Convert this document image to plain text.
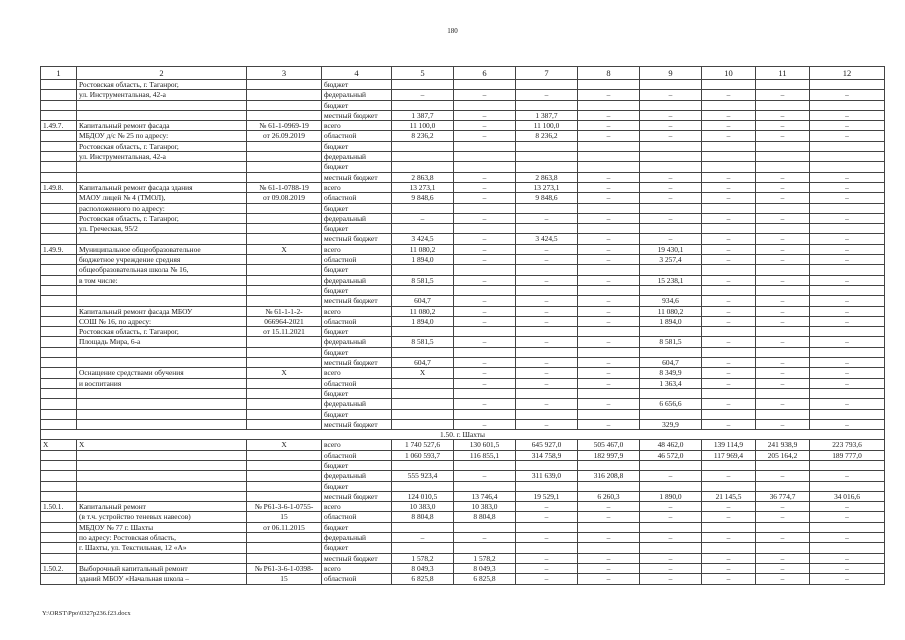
180
1	2	3	4	5	6	7	8	9	10	11	12
	Ростовская область, г. Таганрог,		бюджет								
	ул. Инструментальная, 42-а		федеральный	–	–	–	–	–	–	–	–
			бюджет								
			местный бюджет	1 387,7	–	1 387,7	–	–	–	–	–
1.49.7.	Капитальный ремонт фасада	№ 61-1-0969-19	всего	11 100,0	–	11 100,0	–	–	–	–	–
	МБДОУ д/с № 25 по адресу:	от 26.09.2019	областной	8 236,2	–	8 236,2	–	–	–	–	–
	Ростовская область, г. Таганрог,		бюджет								
	ул. Инструментальная, 42-а		федеральный								
			бюджет								
			местный бюджет	2 863,8	–	2 863,8	–	–	–	–	–
1.49.8.	Капитальный ремонт фасада здания	№ 61-1-0788-19	всего	13 273,1	–	13 273,1	–	–	–	–	–
	МАОУ лицей № 4 (ТМОЛ),	от 09.08.2019	областной	9 848,6	–	9 848,6	–	–	–	–	–
	расположенного по адресу:		бюджет								
	Ростовская область, г. Таганрог,		федеральный	–	–	–	–	–	–	–	–
	ул. Греческая, 95/2		бюджет								
			местный бюджет	3 424,5	–	3 424,5	–	–	–	–	–
1.49.9.	Муниципальное общеобразовательное	Х	всего	11 080,2	–	–	–	19 430,1	–	–	–
	бюджетное учреждение средняя		областной	1 894,0	–	–	–	3 257,4	–	–	–
	общеобразовательная школа № 16,		бюджет								
	в том числе:		федеральный	8 581,5	–	–	–	15 238,1	–	–	–
			бюджет								
			местный бюджет	604,7	–	–	–	934,6	–	–	–
	Капитальный ремонт фасада МБОУ	№ 61-1-1-2-	всего	11 080,2	–	–	–	11 080,2	–	–	–
	СОШ № 16, по адресу:	066964-2021	областной	1 894,0	–	–	–	1 894,0	–	–	–
	Ростовская область, г. Таганрог,	от 15.11.2021	бюджет								
	Площадь Мира, 6-а		федеральный	8 581,5	–	–	–	8 581,5	–	–	–
			бюджет								
			местный бюджет	604,7	–	–	–	604,7	–	–	–
	Оснащение средствами обучения	Х	всего	Х	–	–	–	8 349,9	–	–	–
	и воспитания		областной		–	–	–	1 363,4	–	–	–
			бюджет								
			федеральный		–	–	–	6 656,6	–	–	–
			бюджет								
			местный бюджет		–	–	–	329,9	–	–	–
1.50. г. Шахты											
Х	Х	Х	всего	1 740 527,6	130 601,5	645 927,0	505 467,0	48 462,0	139 114,9	241 938,9	223 793,6
			областной	1 060 593,7	116 855,1	314 758,9	182 997,9	46 572,0	117 969,4	205 164,2	189 777,0
			бюджет								
			федеральный	555 923,4	–	311 639,0	316 208,8	–	–	–	–
			бюджет								
			местный бюджет	124 010,5	13 746,4	19 529,1	6 260,3	1 890,0	21 145,5	36 774,7	34 016,6
1.50.1.	Капитальный ремонт	№ Р61-3-6-1-0755-	всего	10 383,0	10 383,0	–	–	–	–	–	–
	(в т.ч. устройство теневых навесов)	15	областной	8 804,8	8 804,8	–	–	–	–	–	–
	МБДОУ № 77 г. Шахты	от 06.11.2015	бюджет								
	по адресу: Ростовская область,		федеральный	–	–	–	–	–	–	–	–
	г. Шахты, ул. Текстильная, 12 «А»		бюджет								
			местный бюджет	1 578,2	1 578,2	–	–	–	–	–	–
1.50.2.	Выборочный капитальный ремонт	№ Р61-3-6-1-0398-	всего	8 049,3	8 049,3	–	–	–	–	–	–
	зданий МБОУ «Начальная школа –	15	областной	6 825,8	6 825,8	–	–	–	–	–	–
Y:\ORST\Ppo\0327p236.f23.docx
